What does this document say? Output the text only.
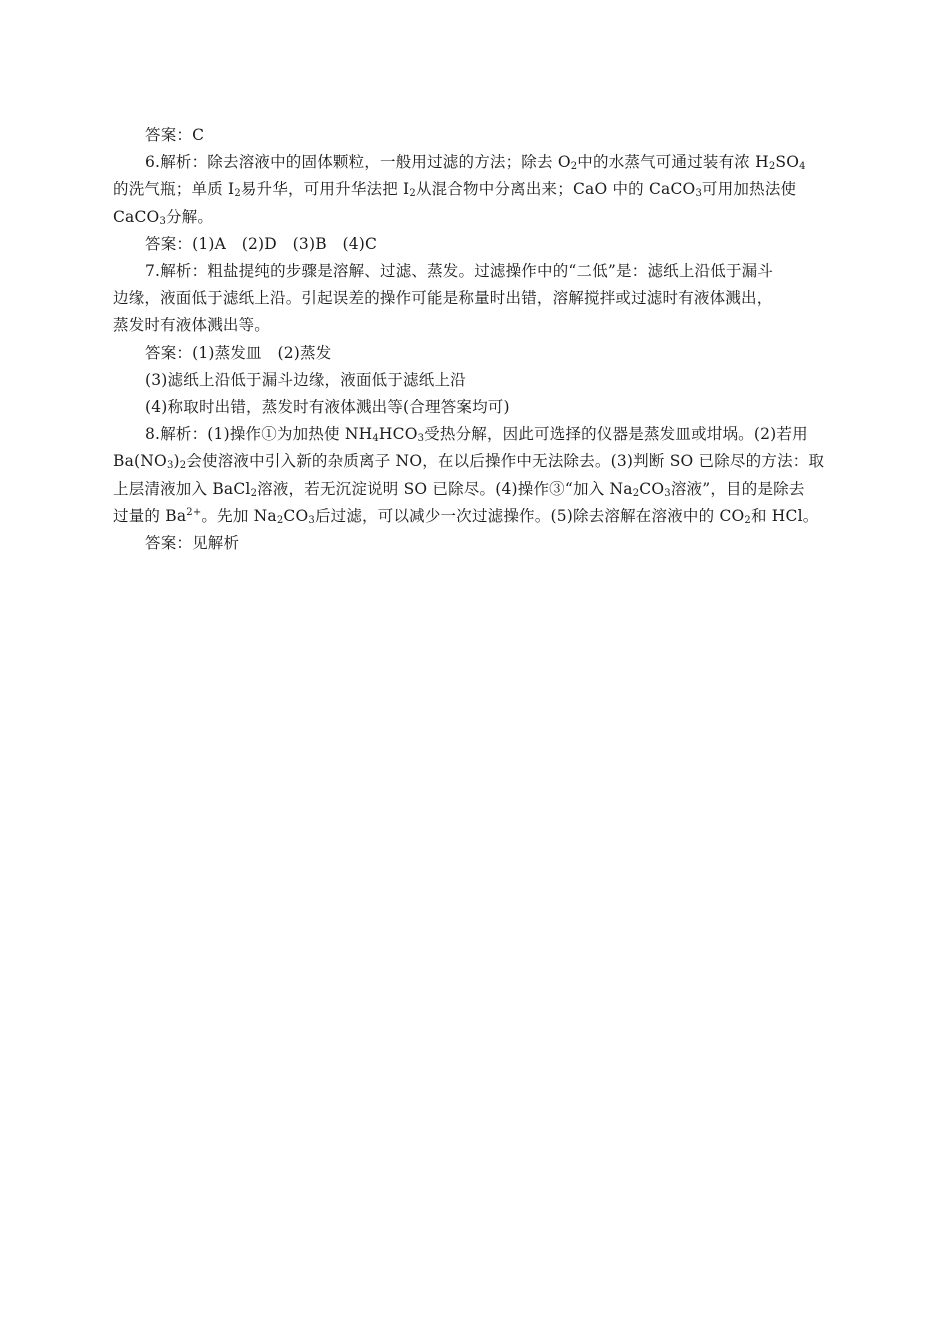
答案：C
6.解析：除去溶液中的固体颗粒，一般用过滤的方法；除去 $O_2$中的水蒸气可通过装有浓 $H_2SO_4$
的洗气瓶；单质 $I_2$易升华，可用升华法把 $I_2$从混合物中分离出来；CaO 中的 CaCO$_3$可用加热法使
CaCO$_3$分解。
答案：(1)A　(2)D　(3)B　(4)C
7.解析：粗盐提纯的步骤是溶解、过滤、蒸发。过滤操作中的“二低”是：滤纸上沿低于漏斗
边缘，液面低于滤纸上沿。引起误差的操作可能是称量时出错，溶解搅拌或过滤时有液体溅出，
蒸发时有液体溅出等。
答案：(1)蒸发皿　(2)蒸发
(3)滤纸上沿低于漏斗边缘，液面低于滤纸上沿
(4)称取时出错，蒸发时有液体溅出等(合理答案均可)
8.解析：(1)操作①为加热使 $NH_4HCO_3$受热分解，因此可选择的仪器是蒸发皿或坩埚。(2)若用
$Ba(NO_3)_2$会使溶液中引入新的杂质离子 NO，在以后操作中无法除去。(3)判断 SO 已除尽的方法：取
上层清液加入 BaCl$_2$溶液，若无沉淀说明 SO 已除尽。(4)操作③“加入 $Na_2CO_3$溶液”，目的是除去
过量的 $Ba^{2+}$。先加 $Na_2CO_3$后过滤，可以减少一次过滤操作。(5)除去溶解在溶液中的 $CO_2$和 HCl。
答案：见解析
